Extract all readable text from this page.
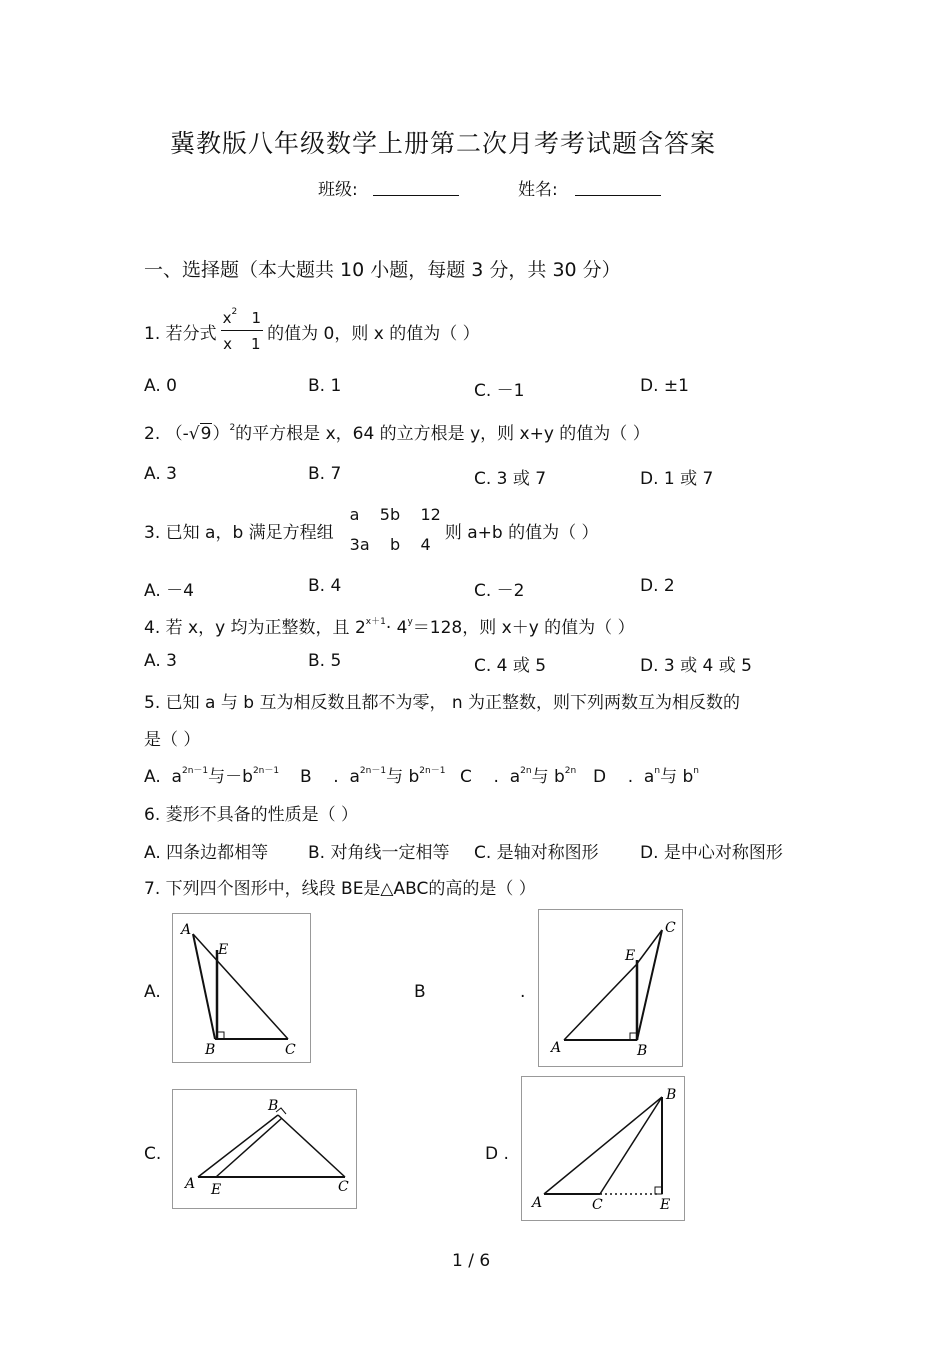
冀教版八年级数学上册第二次月考考试题含答案
班级:	姓名:
一、选择题（本大题共 10 小题，每题 3 分，共 30 分）
1. 若分式 $\frac{x^2 1}{x 1}$ 的值为 0，则 x 的值为（ ）
A. 0	B. 1	C. －1	D. ±1
2. $(-√9)^2$的平方根是 x，64 的立方根是 y，则 x+y 的值为（ ）
A. 3	B. 7	C. 3 或 7	D. 1 或 7
3. 已知 a，b 满足方程组
a    5b    12
3a    b    4
则 a+b 的值为（ ）
A. －4	B. 4	C. －2	D. 2
4. 若 x，y 均为正整数，且 $2^{x+1}\cdot 4^y=128$，则 x＋y 的值为（ ）
A. 3	B. 5	C. 4 或 5	D. 3 或 4 或 5
5. 已知 a 与 b 互为相反数且都不为零， n 为正整数，则下列两数互为相反数的
是（ ）
A. $a^{2n-1}$与$-b^{2n-1}$ B    . $a^{2n-1}$与 $b^{2n-1}$ C    . $a^{2n}$与 $b^{2n}$ D    . $a^n$与 $b^n$
6. 菱形不具备的性质是（ ）
A. 四条边都相等 B. 对角线一定相等 C. 是轴对称图形 D. 是中心对称图形
7. 下列四个图形中，线段 BE是△ABC的高的是（ ）
A.
A
E
B	C
B	.
A
E
B
C
C.
A E
B
C
D .
A	C
B
E
1 / 6
